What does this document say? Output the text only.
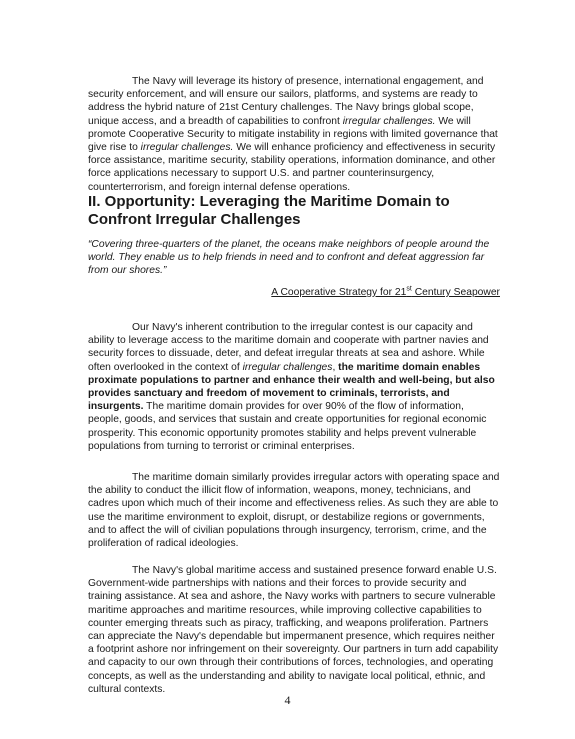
The Navy will leverage its history of presence, international engagement, and security enforcement, and will ensure our sailors, platforms, and systems are ready to address the hybrid nature of 21st Century challenges. The Navy brings global scope, unique access, and a breadth of capabilities to confront irregular challenges. We will promote Cooperative Security to mitigate instability in regions with limited governance that give rise to irregular challenges. We will enhance proficiency and effectiveness in security force assistance, maritime security, stability operations, information dominance, and other force applications necessary to support U.S. and partner counterinsurgency, counterterrorism, and foreign internal defense operations.

II. Opportunity: Leveraging the Maritime Domain to Confront Irregular Challenges

“Covering three-quarters of the planet, the oceans make neighbors of people around the world. They enable us to help friends in need and to confront and defeat aggression far from our shores.”

A Cooperative Strategy for 21st Century Seapower

Our Navy's inherent contribution to the irregular contest is our capacity and ability to leverage access to the maritime domain and cooperate with partner navies and security forces to dissuade, deter, and defeat irregular threats at sea and ashore. While often overlooked in the context of irregular challenges, the maritime domain enables proximate populations to partner and enhance their wealth and well-being, but also provides sanctuary and freedom of movement to criminals, terrorists, and insurgents. The maritime domain provides for over 90% of the flow of information, people, goods, and services that sustain and create opportunities for regional economic prosperity. This economic opportunity promotes stability and helps prevent vulnerable populations from turning to terrorist or criminal enterprises.

The maritime domain similarly provides irregular actors with operating space and the ability to conduct the illicit flow of information, weapons, money, technicians, and cadres upon which much of their income and effectiveness relies. As such they are able to use the maritime environment to exploit, disrupt, or destabilize regions or governments, and to affect the will of civilian populations through insurgency, terrorism, crime, and the proliferation of radical ideologies.

The Navy's global maritime access and sustained presence forward enable U.S. Government-wide partnerships with nations and their forces to provide security and training assistance. At sea and ashore, the Navy works with partners to secure vulnerable maritime approaches and maritime resources, while improving collective capabilities to counter emerging threats such as piracy, trafficking, and weapons proliferation. Partners can appreciate the Navy's dependable but impermanent presence, which requires neither a footprint ashore nor infringement on their sovereignty. Our partners in turn add capability and capacity to our own through their contributions of forces, technologies, and operating concepts, as well as the understanding and ability to navigate local political, ethnic, and cultural contexts.

4
